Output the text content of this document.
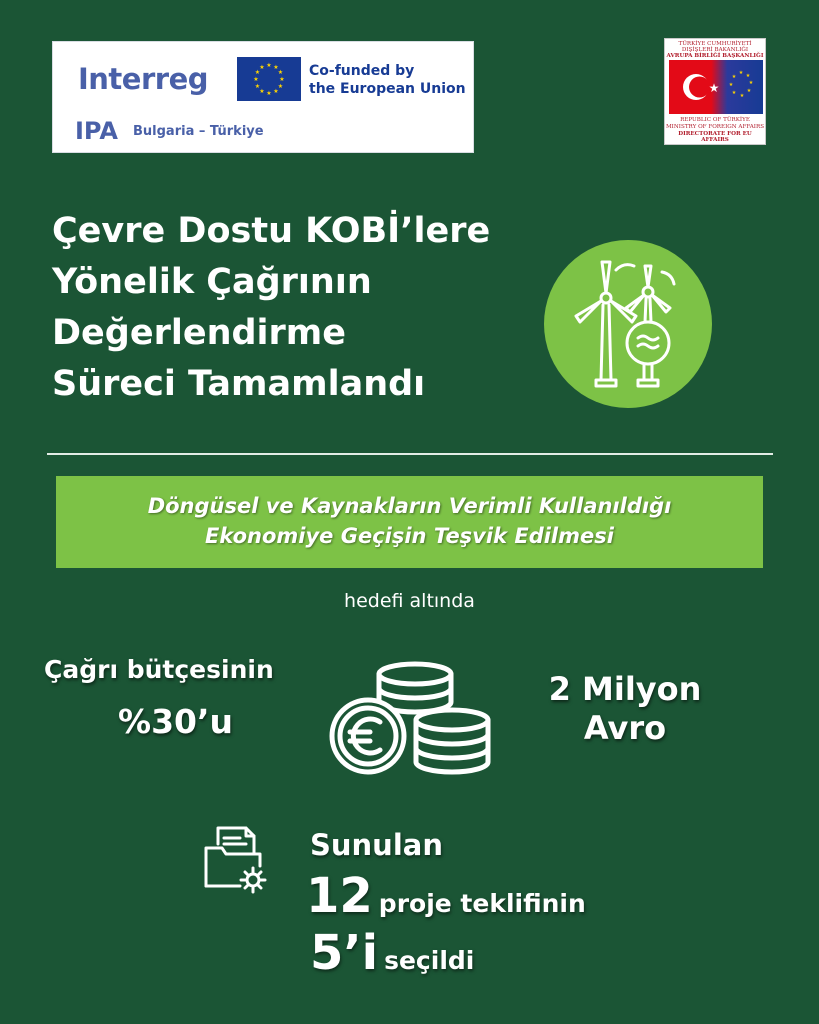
Interreg	★ ★
★
★
★
★
★
★
★
★
★
★	Co-funded by
the European Union
IPA Bulgaria – Türkiye
TÜRKİYE CUMHURİYETİ
DIŞİŞLERİ BAKANLIĞI
AVRUPA BİRLİĞİ BAŞKANLIĞI
★
★ ★
★
★
★
★
★
★
REPUBLIC OF TÜRKİYE
MINISTRY OF FOREIGN AFFAIRS
DIRECTORATE FOR EU AFFAIRS
Çevre Dostu KOBİ’lere
Yönelik Çağrının
Değerlendirme
Süreci Tamamlandı
Döngüsel ve Kaynakların Verimli Kullanıldığı
Ekonomiye Geçişin Teşvik Edilmesi
hedefi altında
Çağrı bütçesinin
%30’u
2 Milyon
Avro
Sunulan
12 proje teklifinin
5’i seçildi
